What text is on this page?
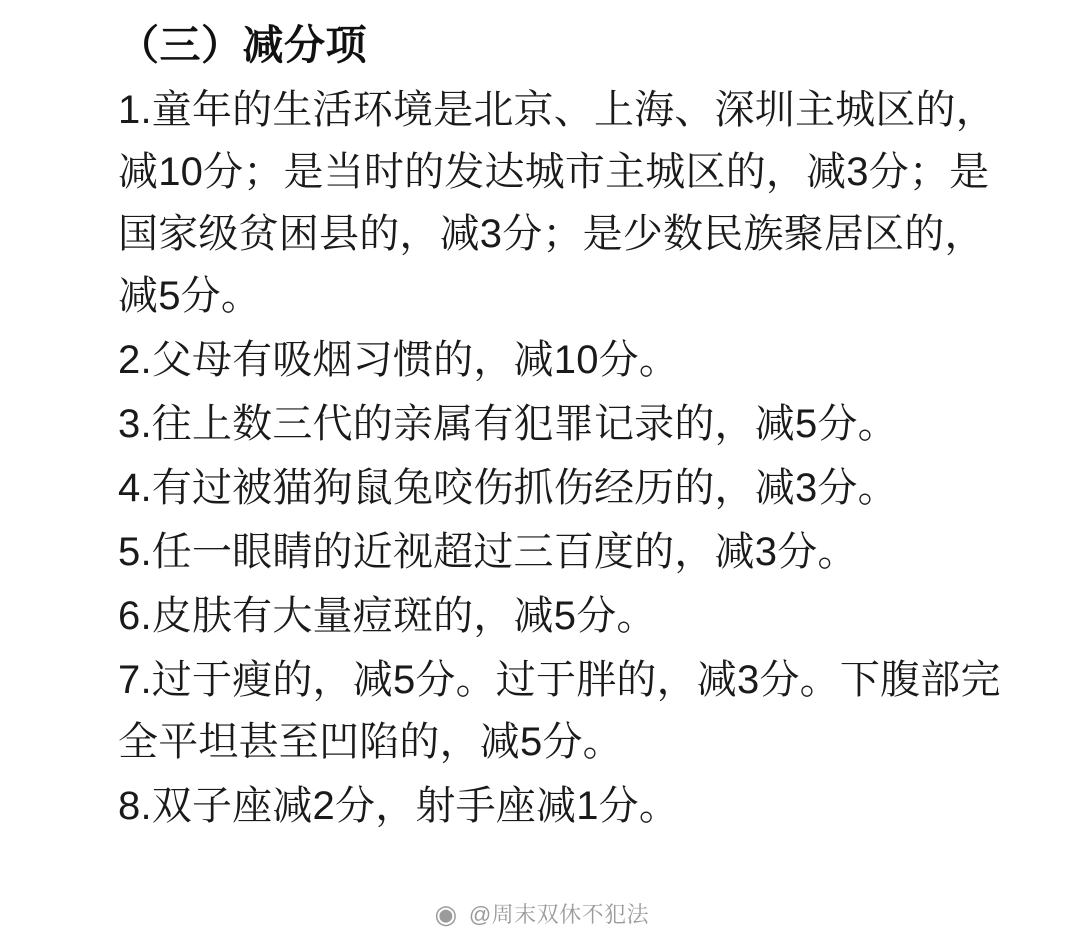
（三）减分项

1.童年的生活环境是北京、上海、深圳主城区的，减10分；是当时的发达城市主城区的，减3分；是国家级贫困县的，减3分；是少数民族聚居区的，减5分。

2.父母有吸烟习惯的，减10分。

3.往上数三代的亲属有犯罪记录的，减5分。

4.有过被猫狗鼠兔咬伤抓伤经历的，减3分。

5.任一眼睛的近视超过三百度的，减3分。

6.皮肤有大量痘斑的，减5分。

7.过于瘦的，减5分。过于胖的，减3分。下腹部完全平坦甚至凹陷的，减5分。

8.双子座减2分，射手座减1分。

◉ @周末双休不犯法
